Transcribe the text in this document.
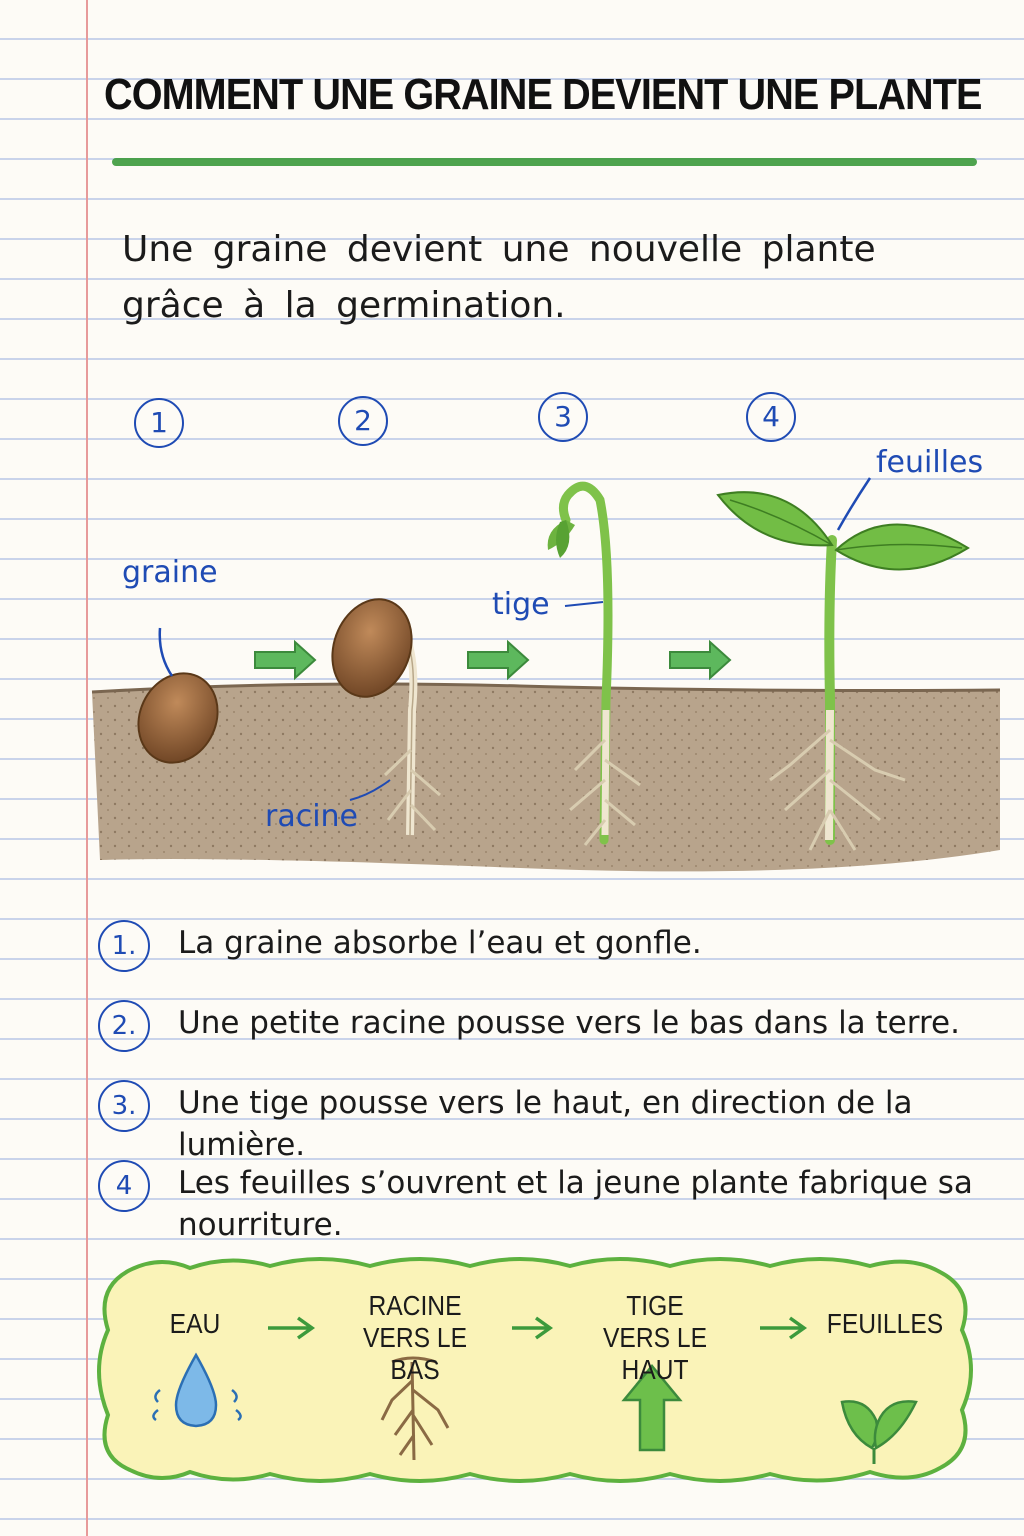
COMMENT UNE GRAINE DEVIENT UNE PLANTE
Une graine devient une nouvelle plante
grâce à la germination.
1	2	3	4
graine
racine
tige
feuilles
1.	La graine absorbe l’eau et gonfle.
2.	Une petite racine pousse vers le bas dans la terre.
3.	Une tige pousse vers le haut, en direction de la lumière.
4	Les feuilles s’ouvrent et la jeune plante fabrique sa nourriture.
EAU
RACINE
VERS LE BAS
TIGE
VERS LE HAUT
FEUILLES
